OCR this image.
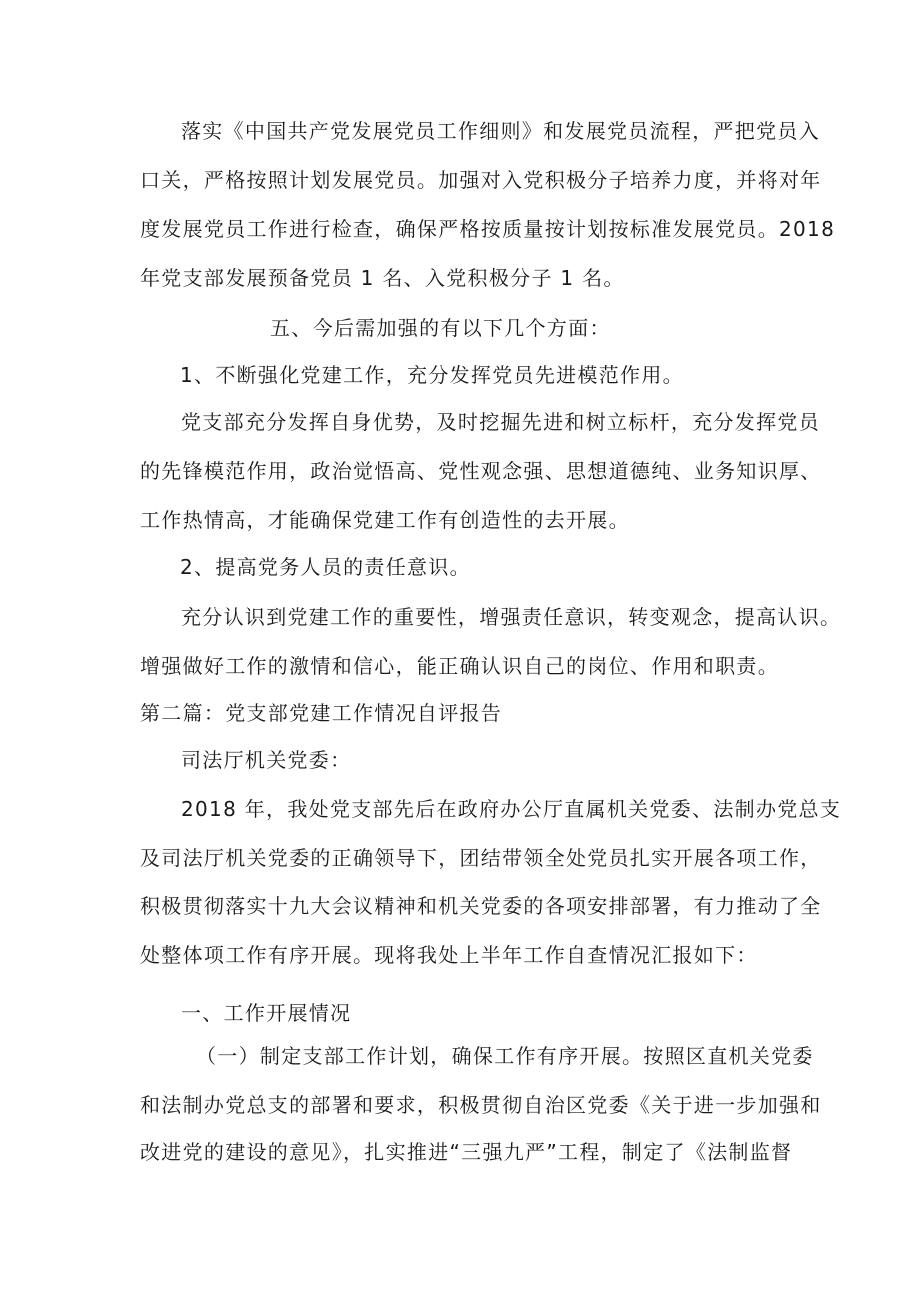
落实《中国共产党发展党员工作细则》和发展党员流程，严把党员入
口关，严格按照计划发展党员。加强对入党积极分子培养力度，并将对年
度发展党员工作进行检查，确保严格按质量按计划按标准发展党员。2018
年党支部发展预备党员 1 名、入党积极分子 1 名。
五、今后需加强的有以下几个方面：
1、不断强化党建工作，充分发挥党员先进模范作用。
党支部充分发挥自身优势，及时挖掘先进和树立标杆，充分发挥党员
的先锋模范作用，政治觉悟高、党性观念强、思想道德纯、业务知识厚、
工作热情高，才能确保党建工作有创造性的去开展。
2、提高党务人员的责任意识。
充分认识到党建工作的重要性，增强责任意识，转变观念，提高认识。
增强做好工作的激情和信心，能正确认识自己的岗位、作用和职责。
第二篇：党支部党建工作情况自评报告
司法厅机关党委：
2018 年，我处党支部先后在政府办公厅直属机关党委、法制办党总支
及司法厅机关党委的正确领导下，团结带领全处党员扎实开展各项工作，
积极贯彻落实十九大会议精神和机关党委的各项安排部署，有力推动了全
处整体项工作有序开展。现将我处上半年工作自查情况汇报如下：
一、工作开展情况
（一）制定支部工作计划，确保工作有序开展。按照区直机关党委
和法制办党总支的部署和要求，积极贯彻自治区党委《关于进一步加强和
改进党的建设的意见》，扎实推进“三强九严”工程，制定了《法制监督
